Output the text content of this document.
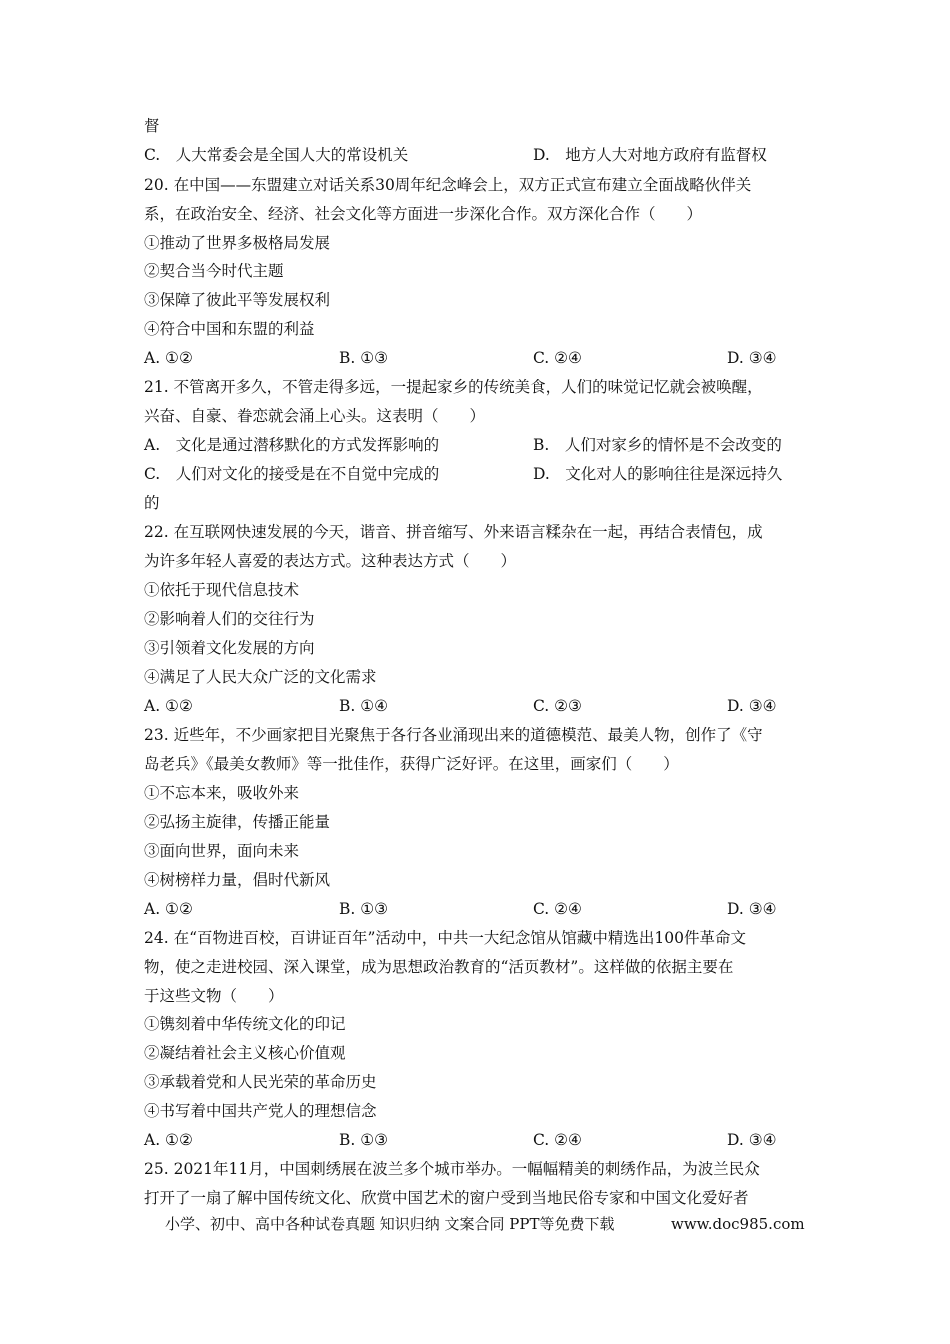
督
C.　人大常委会是全国人大的常设机关	D.　地方人大对地方政府有监督权
20. 在中国——东盟建立对话关系30周年纪念峰会上，双方正式宣布建立全面战略伙伴关
系，在政治安全、经济、社会文化等方面进一步深化合作。双方深化合作（　　）
①推动了世界多极格局发展
②契合当今时代主题
③保障了彼此平等发展权利
④符合中国和东盟的利益
A. ①②	B. ①③	C. ②④	D. ③④
21. 不管离开多久，不管走得多远，一提起家乡的传统美食，人们的味觉记忆就会被唤醒，
兴奋、自豪、眷恋就会涌上心头。这表明（　　）
A.　文化是通过潜移默化的方式发挥影响的	B.　人们对家乡的情怀是不会改变的
C.　人们对文化的接受是在不自觉中完成的	D.　文化对人的影响往往是深远持久
的
22. 在互联网快速发展的今天，谐音、拼音缩写、外来语言糅杂在一起，再结合表情包，成
为许多年轻人喜爱的表达方式。这种表达方式（　　）
①依托于现代信息技术
②影响着人们的交往行为
③引领着文化发展的方向
④满足了人民大众广泛的文化需求
A. ①②	B. ①④	C. ②③	D. ③④
23. 近些年，不少画家把目光聚焦于各行各业涌现出来的道德模范、最美人物，创作了《守
岛老兵》《最美女教师》等一批佳作，获得广泛好评。在这里，画家们（　　）
①不忘本来，吸收外来
②弘扬主旋律，传播正能量
③面向世界，面向未来
④树榜样力量，倡时代新风
A. ①②	B. ①③	C. ②④	D. ③④
24. 在“百物进百校，百讲证百年”活动中，中共一大纪念馆从馆藏中精选出100件革命文
物，使之走进校园、深入课堂，成为思想政治教育的“活页教材”。这样做的依据主要在
于这些文物（　　）
①镌刻着中华传统文化的印记
②凝结着社会主义核心价值观
③承载着党和人民光荣的革命历史
④书写着中国共产党人的理想信念
A. ①②	B. ①③	C. ②④	D. ③④
25. 2021年11月，中国刺绣展在波兰多个城市举办。一幅幅精美的刺绣作品，为波兰民众
打开了一扇了解中国传统文化、欣赏中国艺术的窗户受到当地民俗专家和中国文化爱好者
小学、初中、高中各种试卷真题 知识归纳 文案合同 PPT等免费下载	www.doc985.com
